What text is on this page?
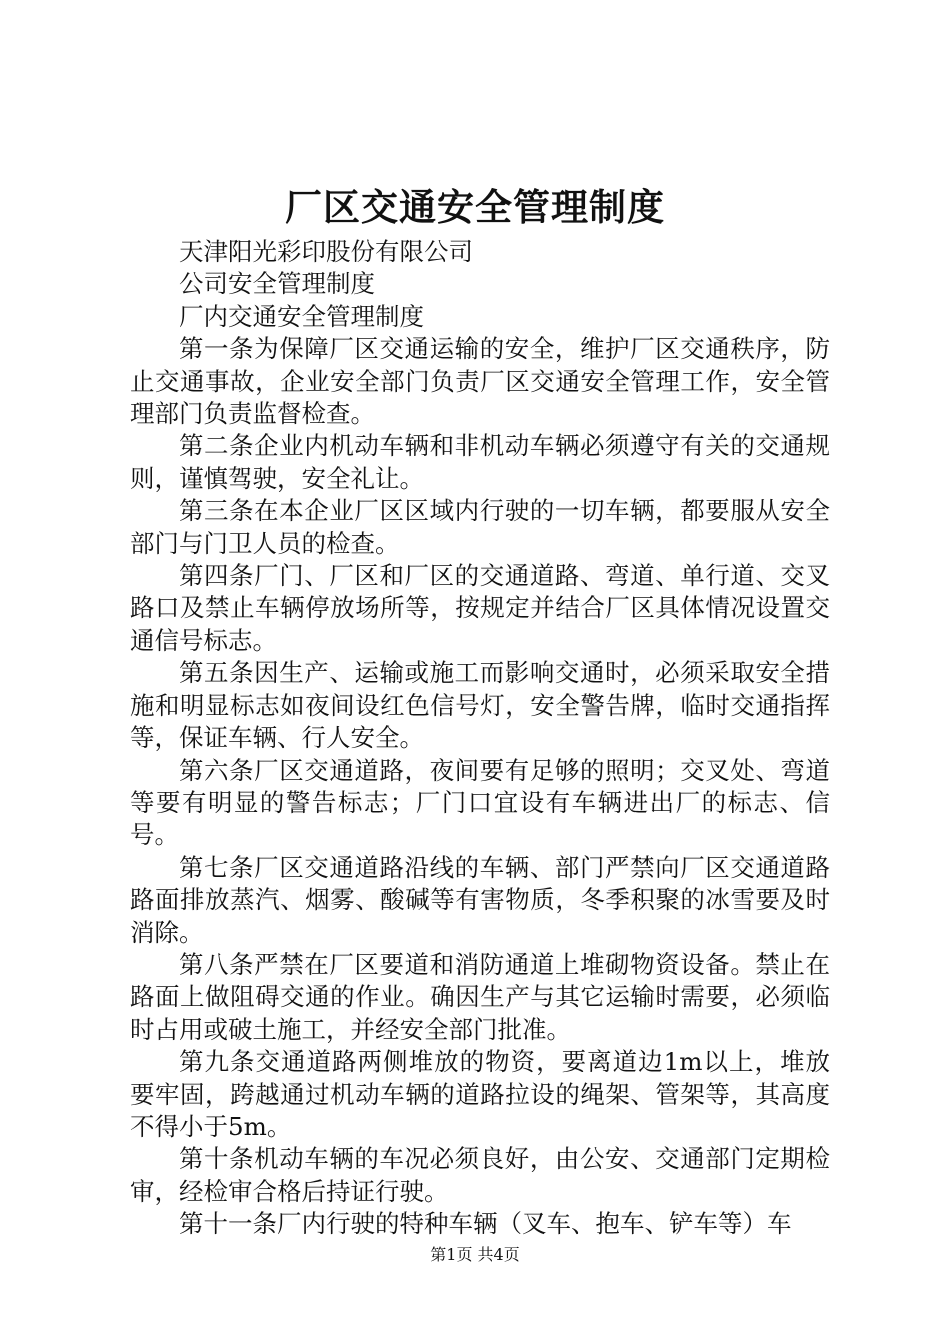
厂区交通安全管理制度

天津阳光彩印股份有限公司

公司安全管理制度

厂内交通安全管理制度

第一条为保障厂区交通运输的安全，维护厂区交通秩序，防止交通事故，企业安全部门负责厂区交通安全管理工作，安全管理部门负责监督检查。

第二条企业内机动车辆和非机动车辆必须遵守有关的交通规则，谨慎驾驶，安全礼让。

第三条在本企业厂区区域内行驶的一切车辆，都要服从安全部门与门卫人员的检查。

第四条厂门、厂区和厂区的交通道路、弯道、单行道、交叉路口及禁止车辆停放场所等，按规定并结合厂区具体情况设置交通信号标志。

第五条因生产、运输或施工而影响交通时，必须采取安全措施和明显标志如夜间设红色信号灯，安全警告牌，临时交通指挥等，保证车辆、行人安全。

第六条厂区交通道路，夜间要有足够的照明；交叉处、弯道等要有明显的警告标志；厂门口宜设有车辆进出厂的标志、信号。

第七条厂区交通道路沿线的车辆、部门严禁向厂区交通道路路面排放蒸汽、烟雾、酸碱等有害物质，冬季积聚的冰雪要及时消除。

第八条严禁在厂区要道和消防通道上堆砌物资设备。禁止在路面上做阻碍交通的作业。确因生产与其它运输时需要，必须临时占用或破土施工，并经安全部门批准。

第九条交通道路两侧堆放的物资，要离道边1m以上，堆放要牢固，跨越通过机动车辆的道路拉设的绳架、管架等，其高度不得小于5m。

第十条机动车辆的车况必须良好，由公安、交通部门定期检审，经检审合格后持证行驶。

第十一条厂内行驶的特种车辆（叉车、抱车、铲车等）车

第1页 共4页
